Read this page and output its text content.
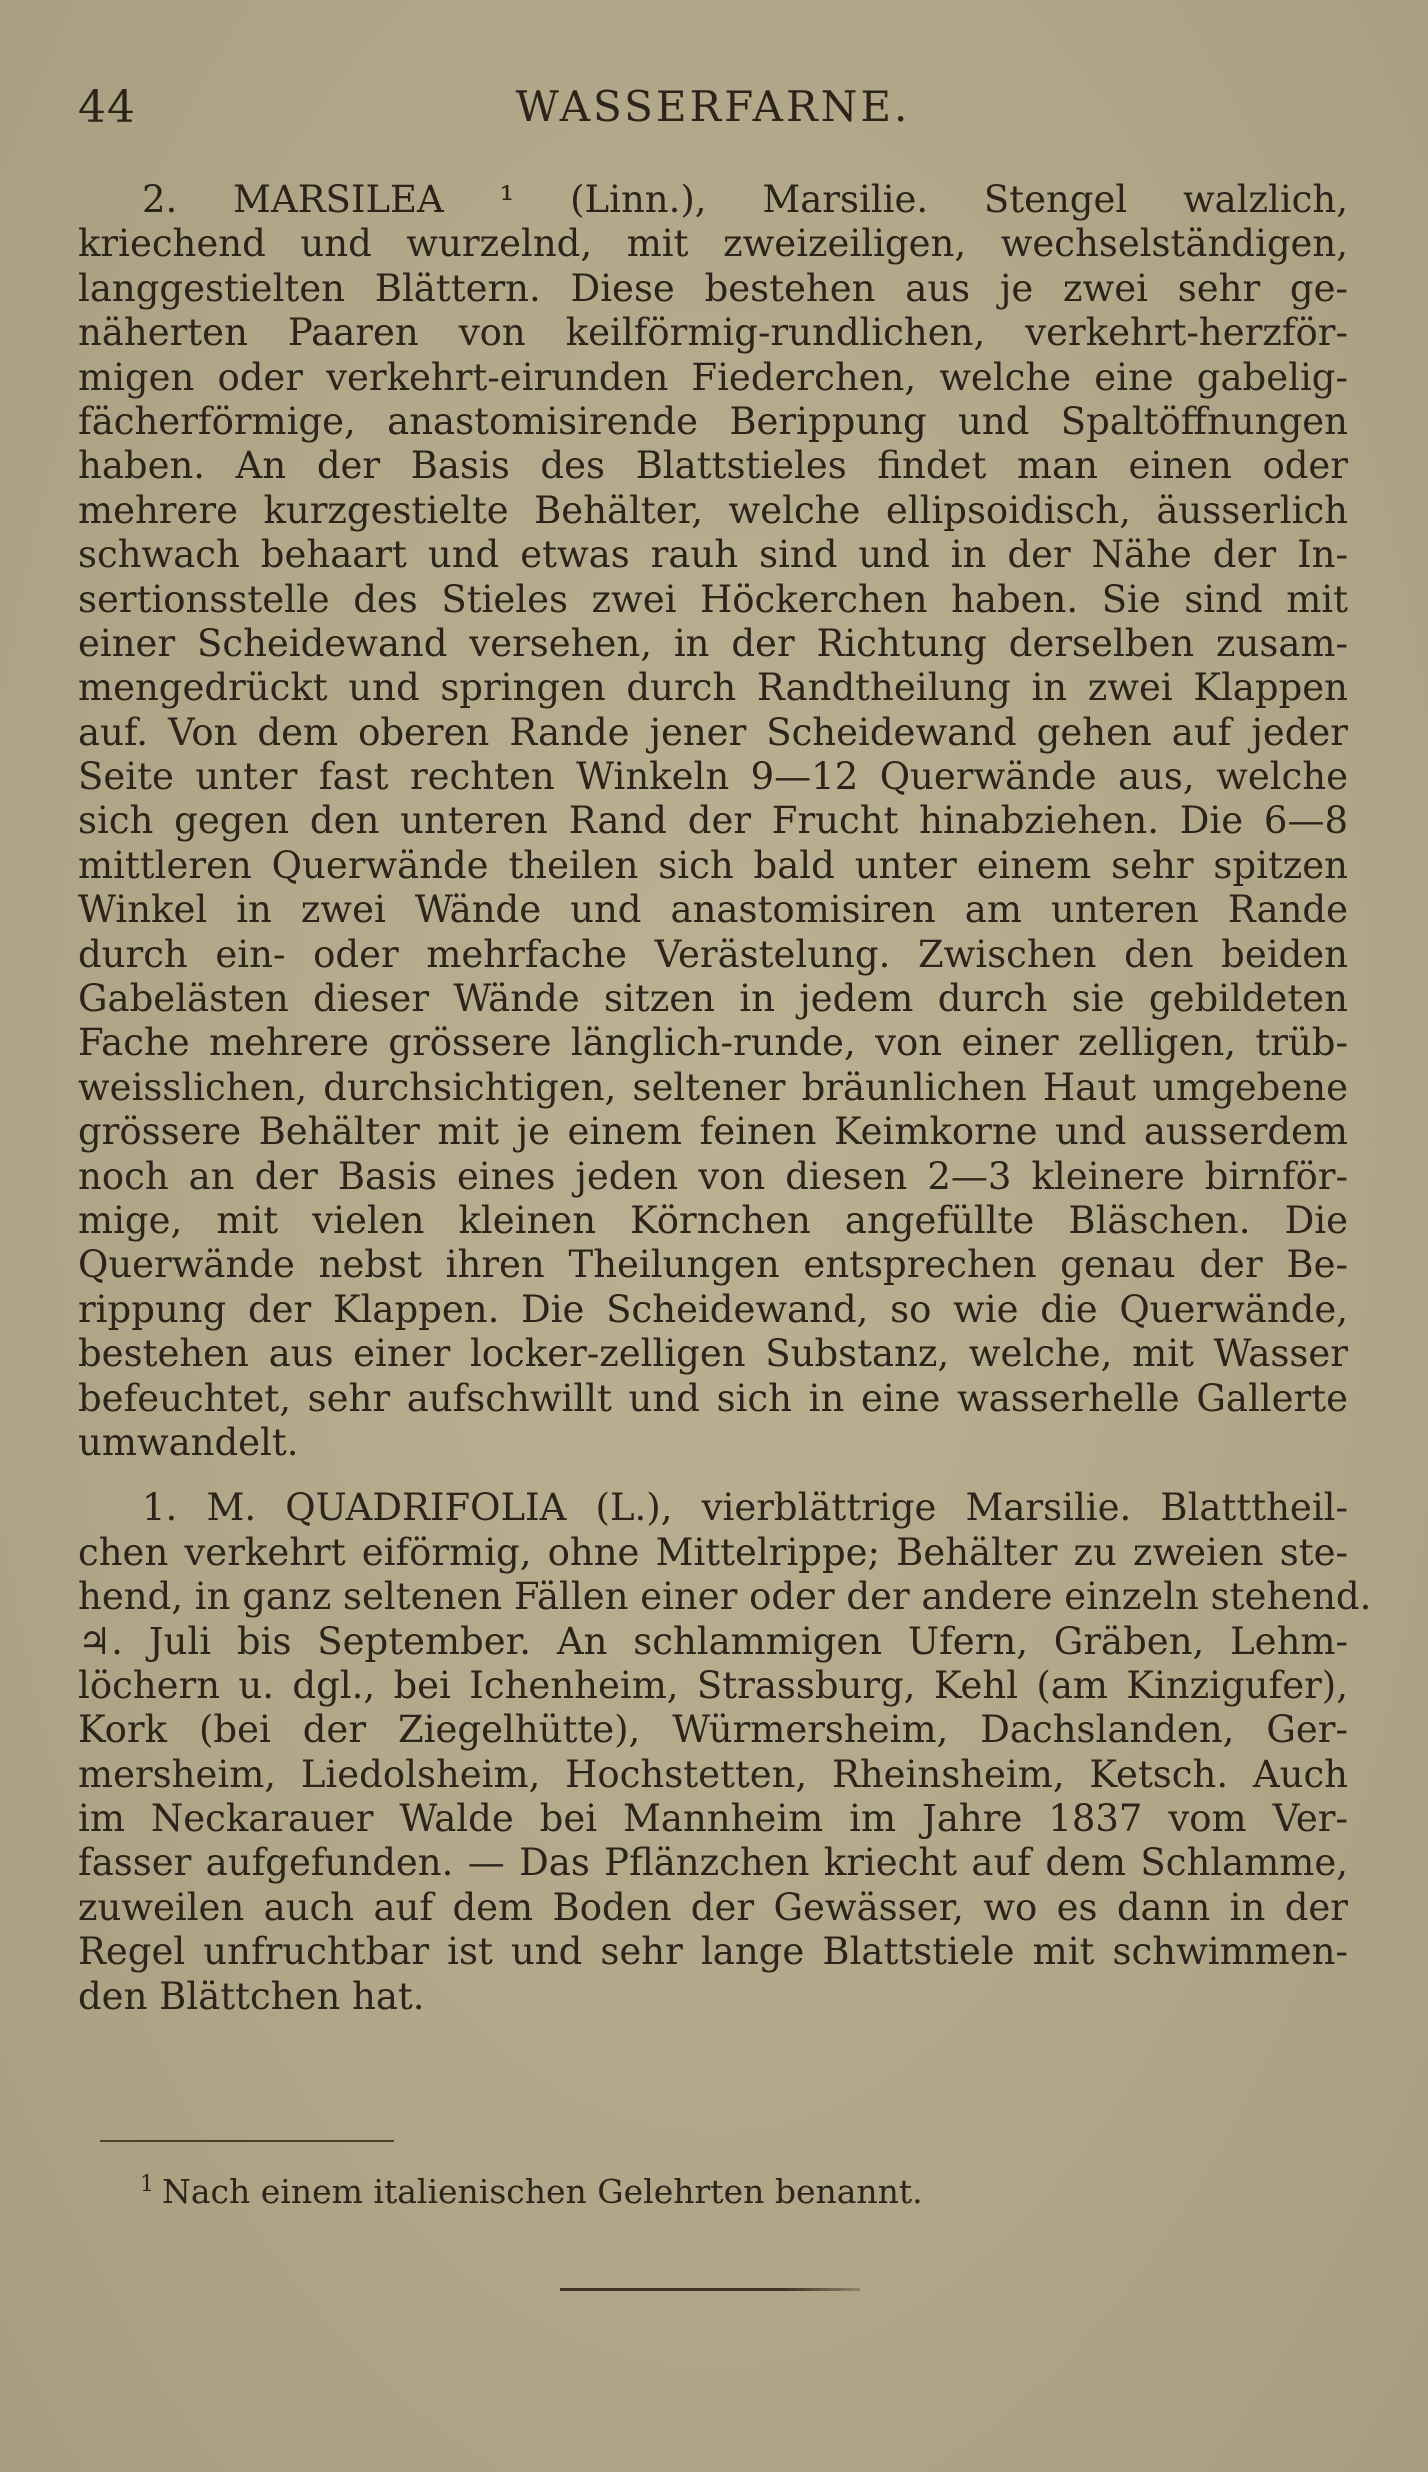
44	WASSERFARNE.
2. MARSILEA ¹ (Linn.), Marsilie. Stengel walzlich,
kriechend und wurzelnd, mit zweizeiligen, wechselständigen,
langgestielten Blättern. Diese bestehen aus je zwei sehr ge-
näherten Paaren von keilförmig-rundlichen, verkehrt-herzför-
migen oder verkehrt-eirunden Fiederchen, welche eine gabelig-
fächerförmige, anastomisirende Berippung und Spaltöffnungen
haben. An der Basis des Blattstieles findet man einen oder
mehrere kurzgestielte Behälter, welche ellipsoidisch, äusserlich
schwach behaart und etwas rauh sind und in der Nähe der In-
sertionsstelle des Stieles zwei Höckerchen haben. Sie sind mit
einer Scheidewand versehen, in der Richtung derselben zusam-
mengedrückt und springen durch Randtheilung in zwei Klappen
auf. Von dem oberen Rande jener Scheidewand gehen auf jeder
Seite unter fast rechten Winkeln 9—12 Querwände aus, welche
sich gegen den unteren Rand der Frucht hinabziehen. Die 6—8
mittleren Querwände theilen sich bald unter einem sehr spitzen
Winkel in zwei Wände und anastomisiren am unteren Rande
durch ein- oder mehrfache Verästelung. Zwischen den beiden
Gabelästen dieser Wände sitzen in jedem durch sie gebildeten
Fache mehrere grössere länglich-runde, von einer zelligen, trüb-
weisslichen, durchsichtigen, seltener bräunlichen Haut umgebene
grössere Behälter mit je einem feinen Keimkorne und ausserdem
noch an der Basis eines jeden von diesen 2—3 kleinere birnför-
mige, mit vielen kleinen Körnchen angefüllte Bläschen. Die
Querwände nebst ihren Theilungen entsprechen genau der Be-
rippung der Klappen. Die Scheidewand, so wie die Querwände,
bestehen aus einer locker-zelligen Substanz, welche, mit Wasser
befeuchtet, sehr aufschwillt und sich in eine wasserhelle Gallerte
umwandelt.
1. M. QUADRIFOLIA (L.), vierblättrige Marsilie. Blatttheil-
chen verkehrt eiförmig, ohne Mittelrippe; Behälter zu zweien ste-
hend, in ganz seltenen Fällen einer oder der andere einzeln stehend.
♃. Juli bis September. An schlammigen Ufern, Gräben, Lehm-
löchern u. dgl., bei Ichenheim, Strassburg, Kehl (am Kinzigufer),
Kork (bei der Ziegelhütte), Würmersheim, Dachslanden, Ger-
mersheim, Liedolsheim, Hochstetten, Rheinsheim, Ketsch. Auch
im Neckarauer Walde bei Mannheim im Jahre 1837 vom Ver-
fasser aufgefunden. — Das Pflänzchen kriecht auf dem Schlamme,
zuweilen auch auf dem Boden der Gewässer, wo es dann in der
Regel unfruchtbar ist und sehr lange Blattstiele mit schwimmen-
den Blättchen hat.
$^1$ Nach einem italienischen Gelehrten benannt.
